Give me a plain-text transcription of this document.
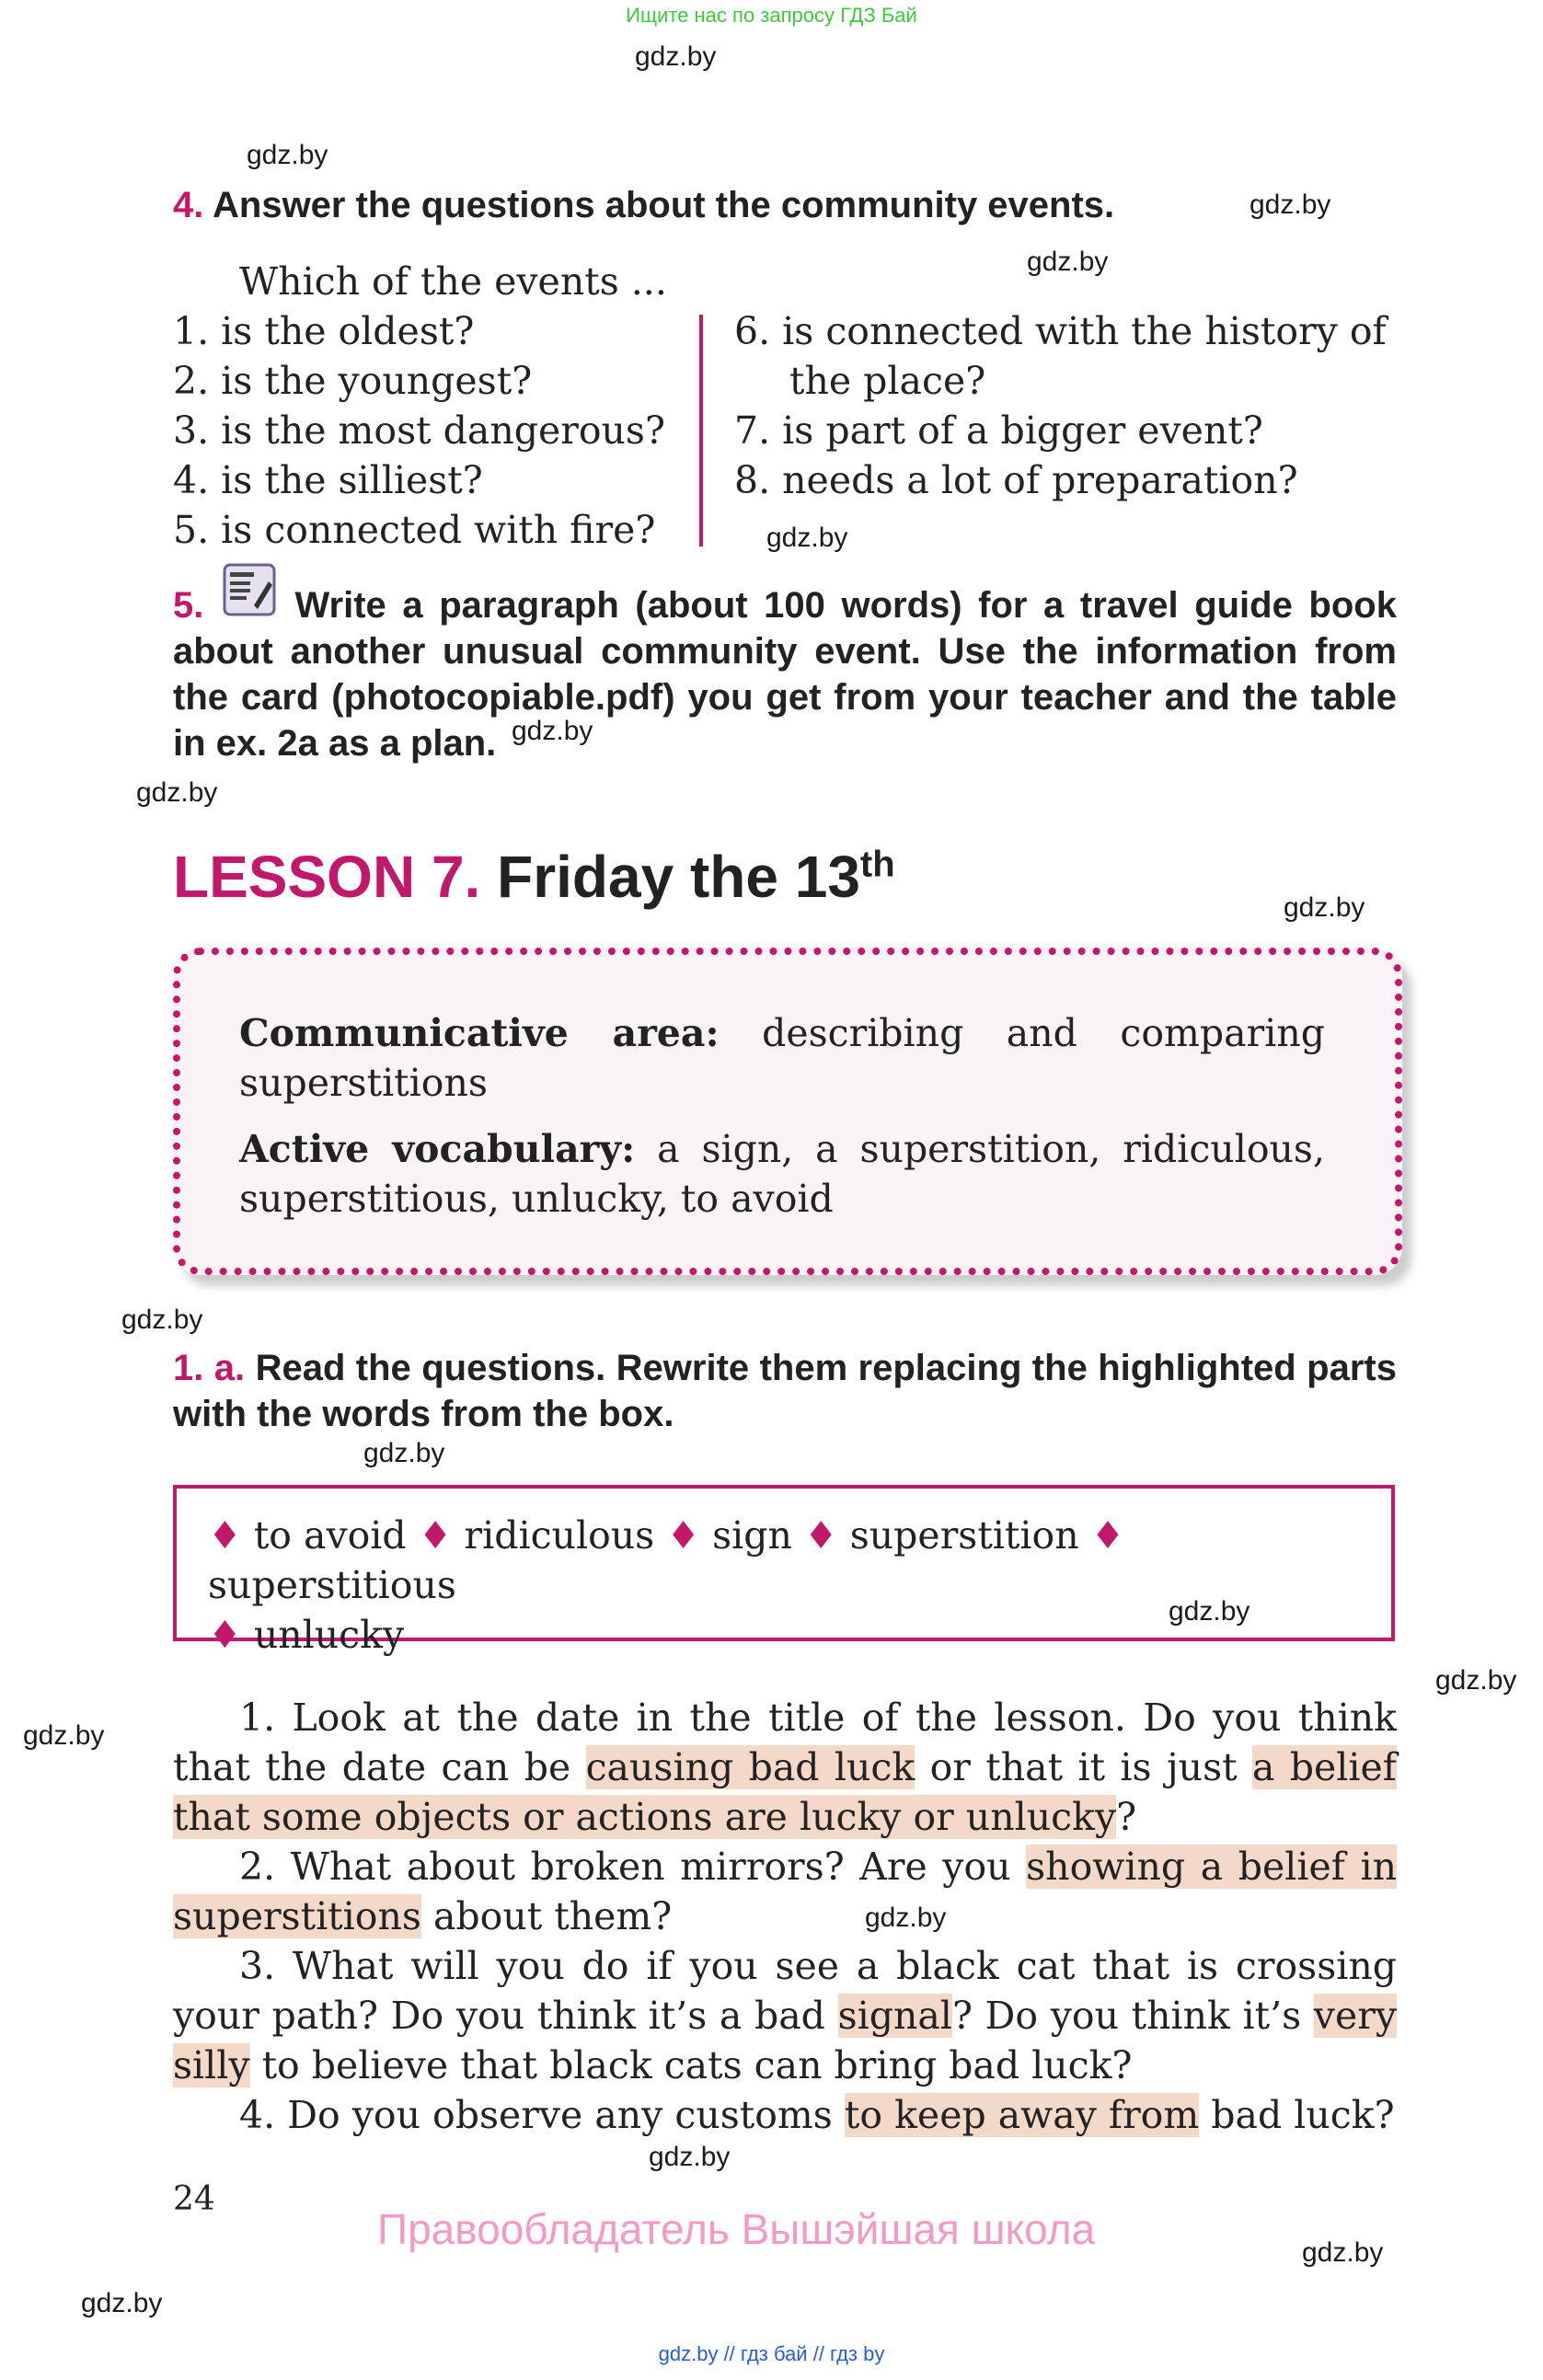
Ищите нас по запросу ГДЗ Бай
gdz.by
gdz.by
gdz.by
gdz.by
gdz.by
gdz.by
gdz.by
gdz.by
gdz.by
gdz.by
gdz.by
gdz.by
gdz.by
gdz.by
gdz.by
gdz.by
gdz.by
4. Answer the questions about the community events.
Which of the events ...
1. is the oldest?
2. is the youngest?
3. is the most dangerous?
4. is the silliest?
5. is connected with fire?
6. is connected with the history of
the place?
7. is part of a bigger event?
8. needs a lot of preparation?
5. Write a paragraph (about 100 words) for a travel guide book about another unusual community event. Use the information from the card (photocopiable.pdf) you get from your teacher and the table in ex. 2a as a plan.
LESSON 7. Friday the 13th
Communicative area: describing and comparing superstitions
Active vocabulary: a sign, a superstition, ridiculous, superstitious, unlucky, to avoid
1. a. Read the questions. Rewrite them replacing the highlighted parts with the words from the box.
♦ to avoid ♦ ridiculous ♦ sign ♦ superstition ♦ superstitious
♦ unlucky
1. Look at the date in the title of the lesson. Do you think that the date can be causing bad luck or that it is just a belief that some objects or actions are lucky or unlucky?
2. What about broken mirrors? Are you showing a belief in superstitions about them?
3. What will you do if you see a black cat that is crossing your path? Do you think it’s a bad signal? Do you think it’s very silly to believe that black cats can bring bad luck?
4. Do you observe any customs to keep away from bad luck?
24
Правообладатель Вышэйшая школа
gdz.by // гдз бай // гдз by
